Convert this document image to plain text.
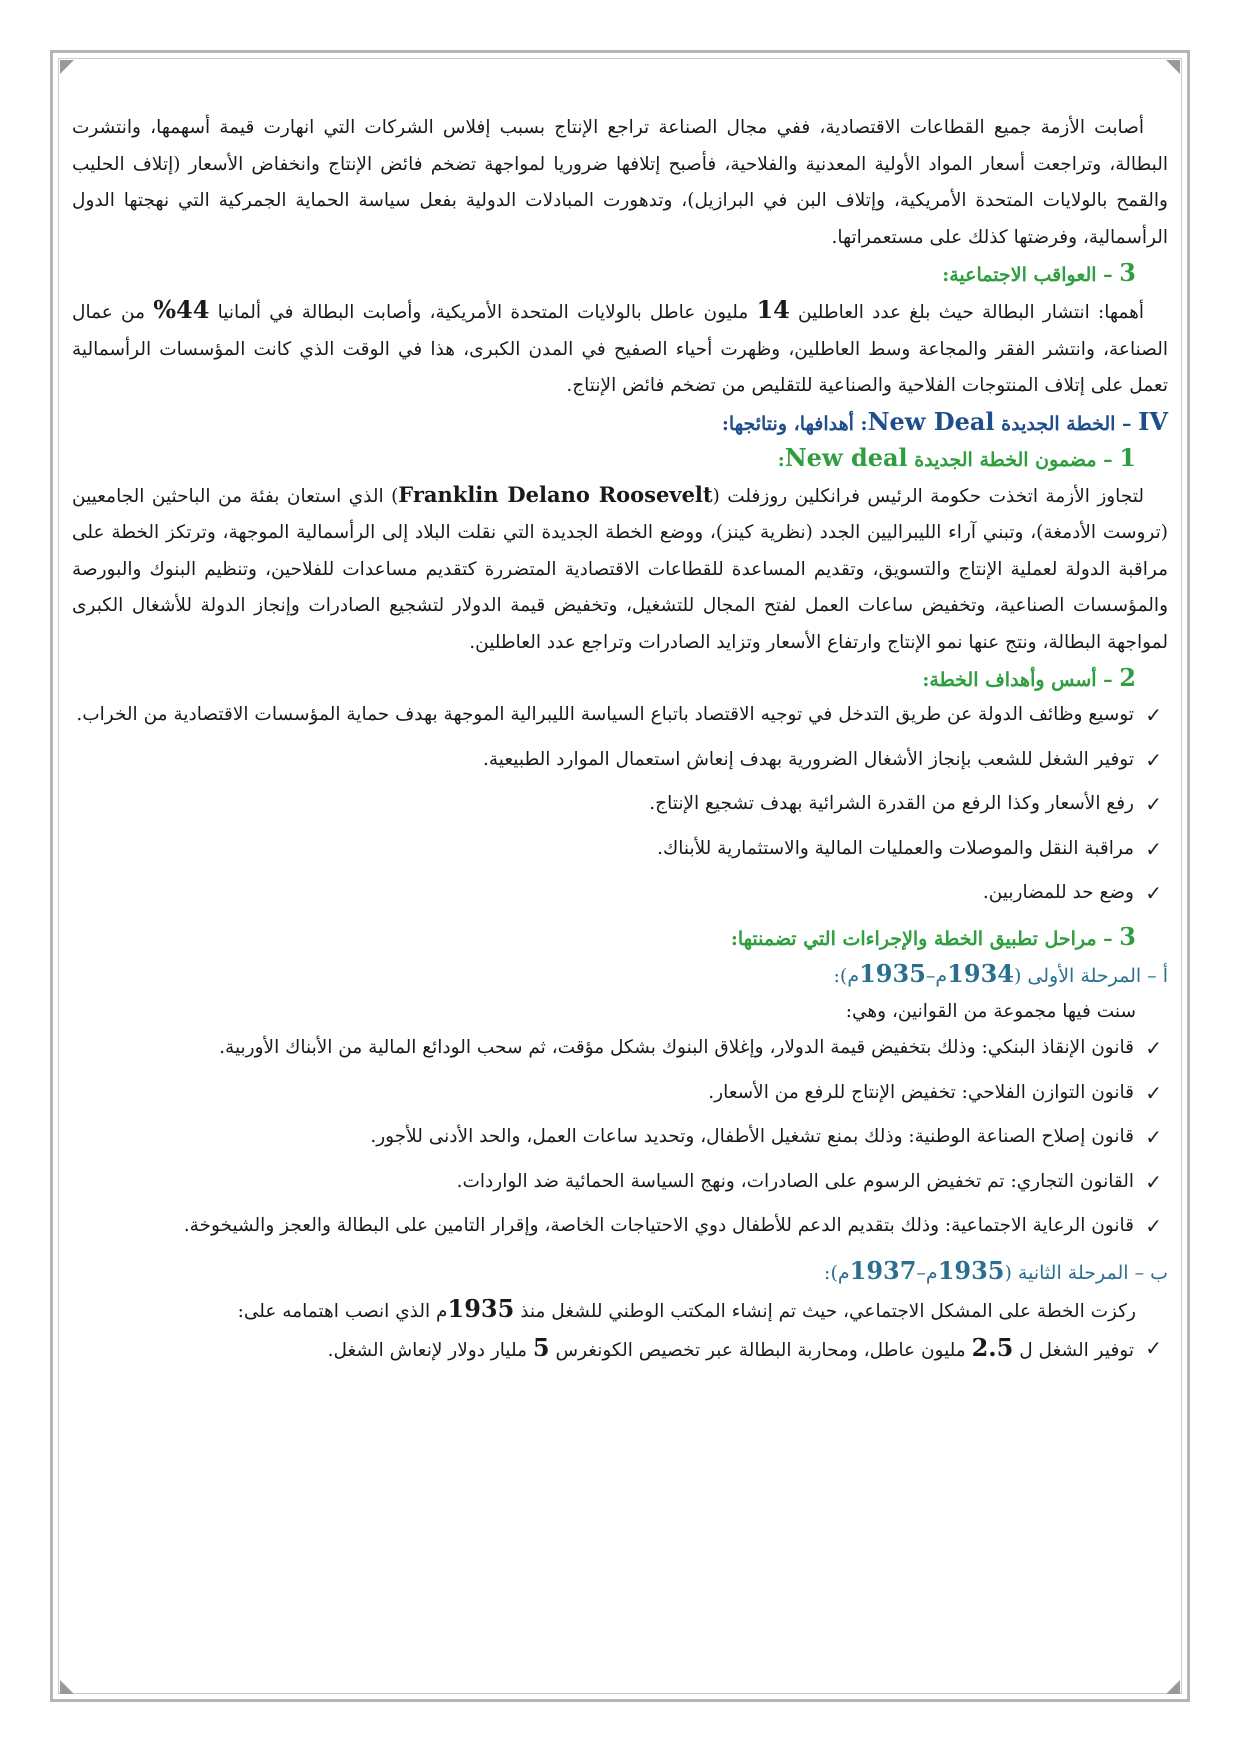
أصابت الأزمة جميع القطاعات الاقتصادية، ففي مجال الصناعة تراجع الإنتاج بسبب إفلاس الشركات التي انهارت قيمة أسهمها، وانتشرت البطالة، وتراجعت أسعار المواد الأولية المعدنية والفلاحية، فأصبح إتلافها ضروريا لمواجهة تضخم فائض الإنتاج وانخفاض الأسعار (إتلاف الحليب والقمح بالولايات المتحدة الأمريكية، وإتلاف البن في البرازيل)، وتدهورت المبادلات الدولية بفعل سياسة الحماية الجمركية التي نهجتها الدول الرأسمالية، وفرضتها كذلك على مستعمراتها.

3 – العواقب الاجتماعية:

أهمها: انتشار البطالة حيث بلغ عدد العاطلين 14 مليون عاطل بالولايات المتحدة الأمريكية، وأصابت البطالة في ألمانيا 44% من عمال الصناعة، وانتشر الفقر والمجاعة وسط العاطلين، وظهرت أحياء الصفيح في المدن الكبرى، هذا في الوقت الذي كانت المؤسسات الرأسمالية تعمل على إتلاف المنتوجات الفلاحية والصناعية للتقليص من تضخم فائض الإنتاج.

IV – الخطة الجديدة New Deal: أهدافها، ونتائجها:

1 – مضمون الخطة الجديدة New deal:

لتجاوز الأزمة اتخذت حكومة الرئيس فرانكلين روزفلت (Franklin Delano Roosevelt) الذي استعان بفئة من الباحثين الجامعيين (تروست الأدمغة)، وتبني آراء الليبراليين الجدد (نظرية كينز)، ووضع الخطة الجديدة التي نقلت البلاد إلى الرأسمالية الموجهة، وترتكز الخطة على مراقبة الدولة لعملية الإنتاج والتسويق، وتقديم المساعدة للقطاعات الاقتصادية المتضررة كتقديم مساعدات للفلاحين، وتنظيم البنوك والبورصة والمؤسسات الصناعية، وتخفيض ساعات العمل لفتح المجال للتشغيل، وتخفيض قيمة الدولار لتشجيع الصادرات وإنجاز الدولة للأشغال الكبرى لمواجهة البطالة، ونتج عنها نمو الإنتاج وارتفاع الأسعار وتزايد الصادرات وتراجع عدد العاطلين.

2 – أسس وأهداف الخطة:

✓
توسيع وظائف الدولة عن طريق التدخل في توجيه الاقتصاد باتباع السياسة الليبرالية الموجهة بهدف حماية المؤسسات الاقتصادية من الخراب.
✓
توفير الشغل للشعب بإنجاز الأشغال الضرورية بهدف إنعاش استعمال الموارد الطبيعية.
✓
رفع الأسعار وكذا الرفع من القدرة الشرائية بهدف تشجيع الإنتاج.
✓
مراقبة النقل والموصلات والعمليات المالية والاستثمارية للأبناك.
✓
وضع حد للمضاربين.

3 – مراحل تطبيق الخطة والإجراءات التي تضمنتها:

أ – المرحلة الأولى (1934م–1935م):

سنت فيها مجموعة من القوانين، وهي:

✓
قانون الإنقاذ البنكي: وذلك بتخفيض قيمة الدولار، وإغلاق البنوك بشكل مؤقت، ثم سحب الودائع المالية من الأبناك الأوربية.
✓
قانون التوازن الفلاحي: تخفيض الإنتاج للرفع من الأسعار.
✓
قانون إصلاح الصناعة الوطنية: وذلك بمنع تشغيل الأطفال، وتحديد ساعات العمل، والحد الأدنى للأجور.
✓
القانون التجاري: تم تخفيض الرسوم على الصادرات، ونهج السياسة الحمائية ضد الواردات.
✓
قانون الرعاية الاجتماعية: وذلك بتقديم الدعم للأطفال دوي الاحتياجات الخاصة، وإقرار التامين على البطالة والعجز والشيخوخة.

ب – المرحلة الثانية (1935م–1937م):

ركزت الخطة على المشكل الاجتماعي، حيث تم إنشاء المكتب الوطني للشغل منذ 1935م الذي انصب اهتمامه على:

✓
توفير الشغل ل 2.5 مليون عاطل، ومحاربة البطالة عبر تخصيص الكونغرس 5 مليار دولار لإنعاش الشغل.
